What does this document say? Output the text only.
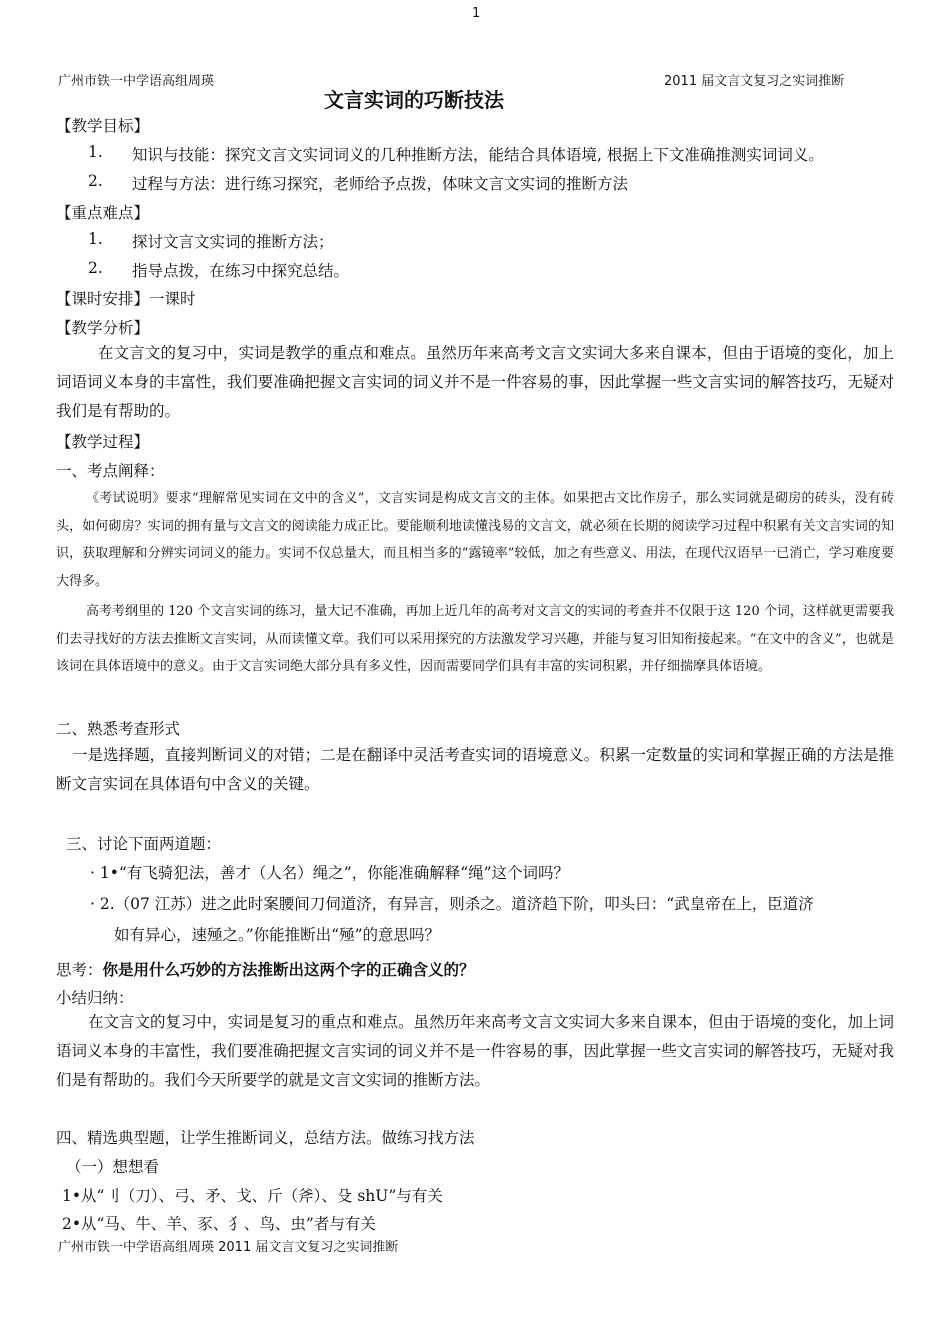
1
广州市铁一中学语高组周瑛	2011 届文言文复习之实词推断
文言实词的巧断技法
【教学目标】
1. 知识与技能：探究文言文实词词义的几种推断方法，能结合具体语境, 根据上下文准确推测实词词义。
2. 过程与方法：进行练习探究，老师给予点拨，体味文言文实词的推断方法
【重点难点】
1. 探讨文言文实词的推断方法；
2. 指导点拨，在练习中探究总结。
【课时安排】一课时
【教学分析】

在文言文的复习中，实词是教学的重点和难点。虽然历年来高考文言文实词大多来自课本，但由于语境的变化，加上词语词义本身的丰富性，我们要准确把握文言实词的词义并不是一件容易的事，因此掌握一些文言实词的解答技巧，无疑对我们是有帮助的。

【教学过程】
一、考点阐释：

《考试说明》要求“理解常见实词在文中的含义”，文言实词是构成文言文的主体。如果把古文比作房子，那么实词就是砌房的砖头，没有砖头，如何砌房？实词的拥有量与文言文的阅读能力成正比。要能顺利地读懂浅易的文言文，就必须在长期的阅读学习过程中积累有关文言实词的知识，获取理解和分辨实词词义的能力。实词不仅总量大，而且相当多的“露镜率”较低，加之有些意义、用法，在现代汉语早一已消亡，学习难度要大得多。

高考考纲里的 120 个文言实词的练习，量大记不准确，再加上近几年的高考对文言文的实词的考查并不仅限于这 120 个词，这样就更需要我们去寻找好的方法去推断文言实词，从而读懂文章。我们可以采用探究的方法激发学习兴趣，并能与复习旧知衔接起来。“在文中的含义”，也就是该词在具体语境中的意义。由于文言实词绝大部分具有多义性，因而需要同学们具有丰富的实词积累，并仔细揣摩具体语境。

二、熟悉考查形式

一是选择题，直接判断词义的对错；二是在翻译中灵活考查实词的语境意义。积累一定数量的实词和掌握正确的方法是推断文言实词在具体语句中含义的关键。

三、讨论下面两道题：
· 1•“有飞骑犯法，善才（人名）绳之”，你能准确解释“绳”这个词吗？
· 2.（07 江苏）进之此时案腰间刀伺道济，有异言，则杀之。道济趋下阶，叩头曰：“武皇帝在上，臣道济
如有异心，速殛之。”你能推断出“殛”的意思吗？
思考：你是用什么巧妙的方法推断出这两个字的正确含义的？
小结归纳：

在文言文的复习中，实词是复习的重点和难点。虽然历年来高考文言文实词大多来自课本，但由于语境的变化，加上词语词义本身的丰富性，我们要准确把握文言实词的词义并不是一件容易的事，因此掌握一些文言实词的解答技巧，无疑对我们是有帮助的。我们今天所要学的就是文言文实词的推断方法。

四、精选典型题，让学生推断词义，总结方法。做练习找方法
（一）想想看
1•从“刂（刀）、弓、矛、戈、斤（斧）、殳 shU”与有关
2•从“马、牛、羊、豕、犭、鸟、虫”者与有关
广州市铁一中学语高组周瑛 2011 届文言文复习之实词推断
